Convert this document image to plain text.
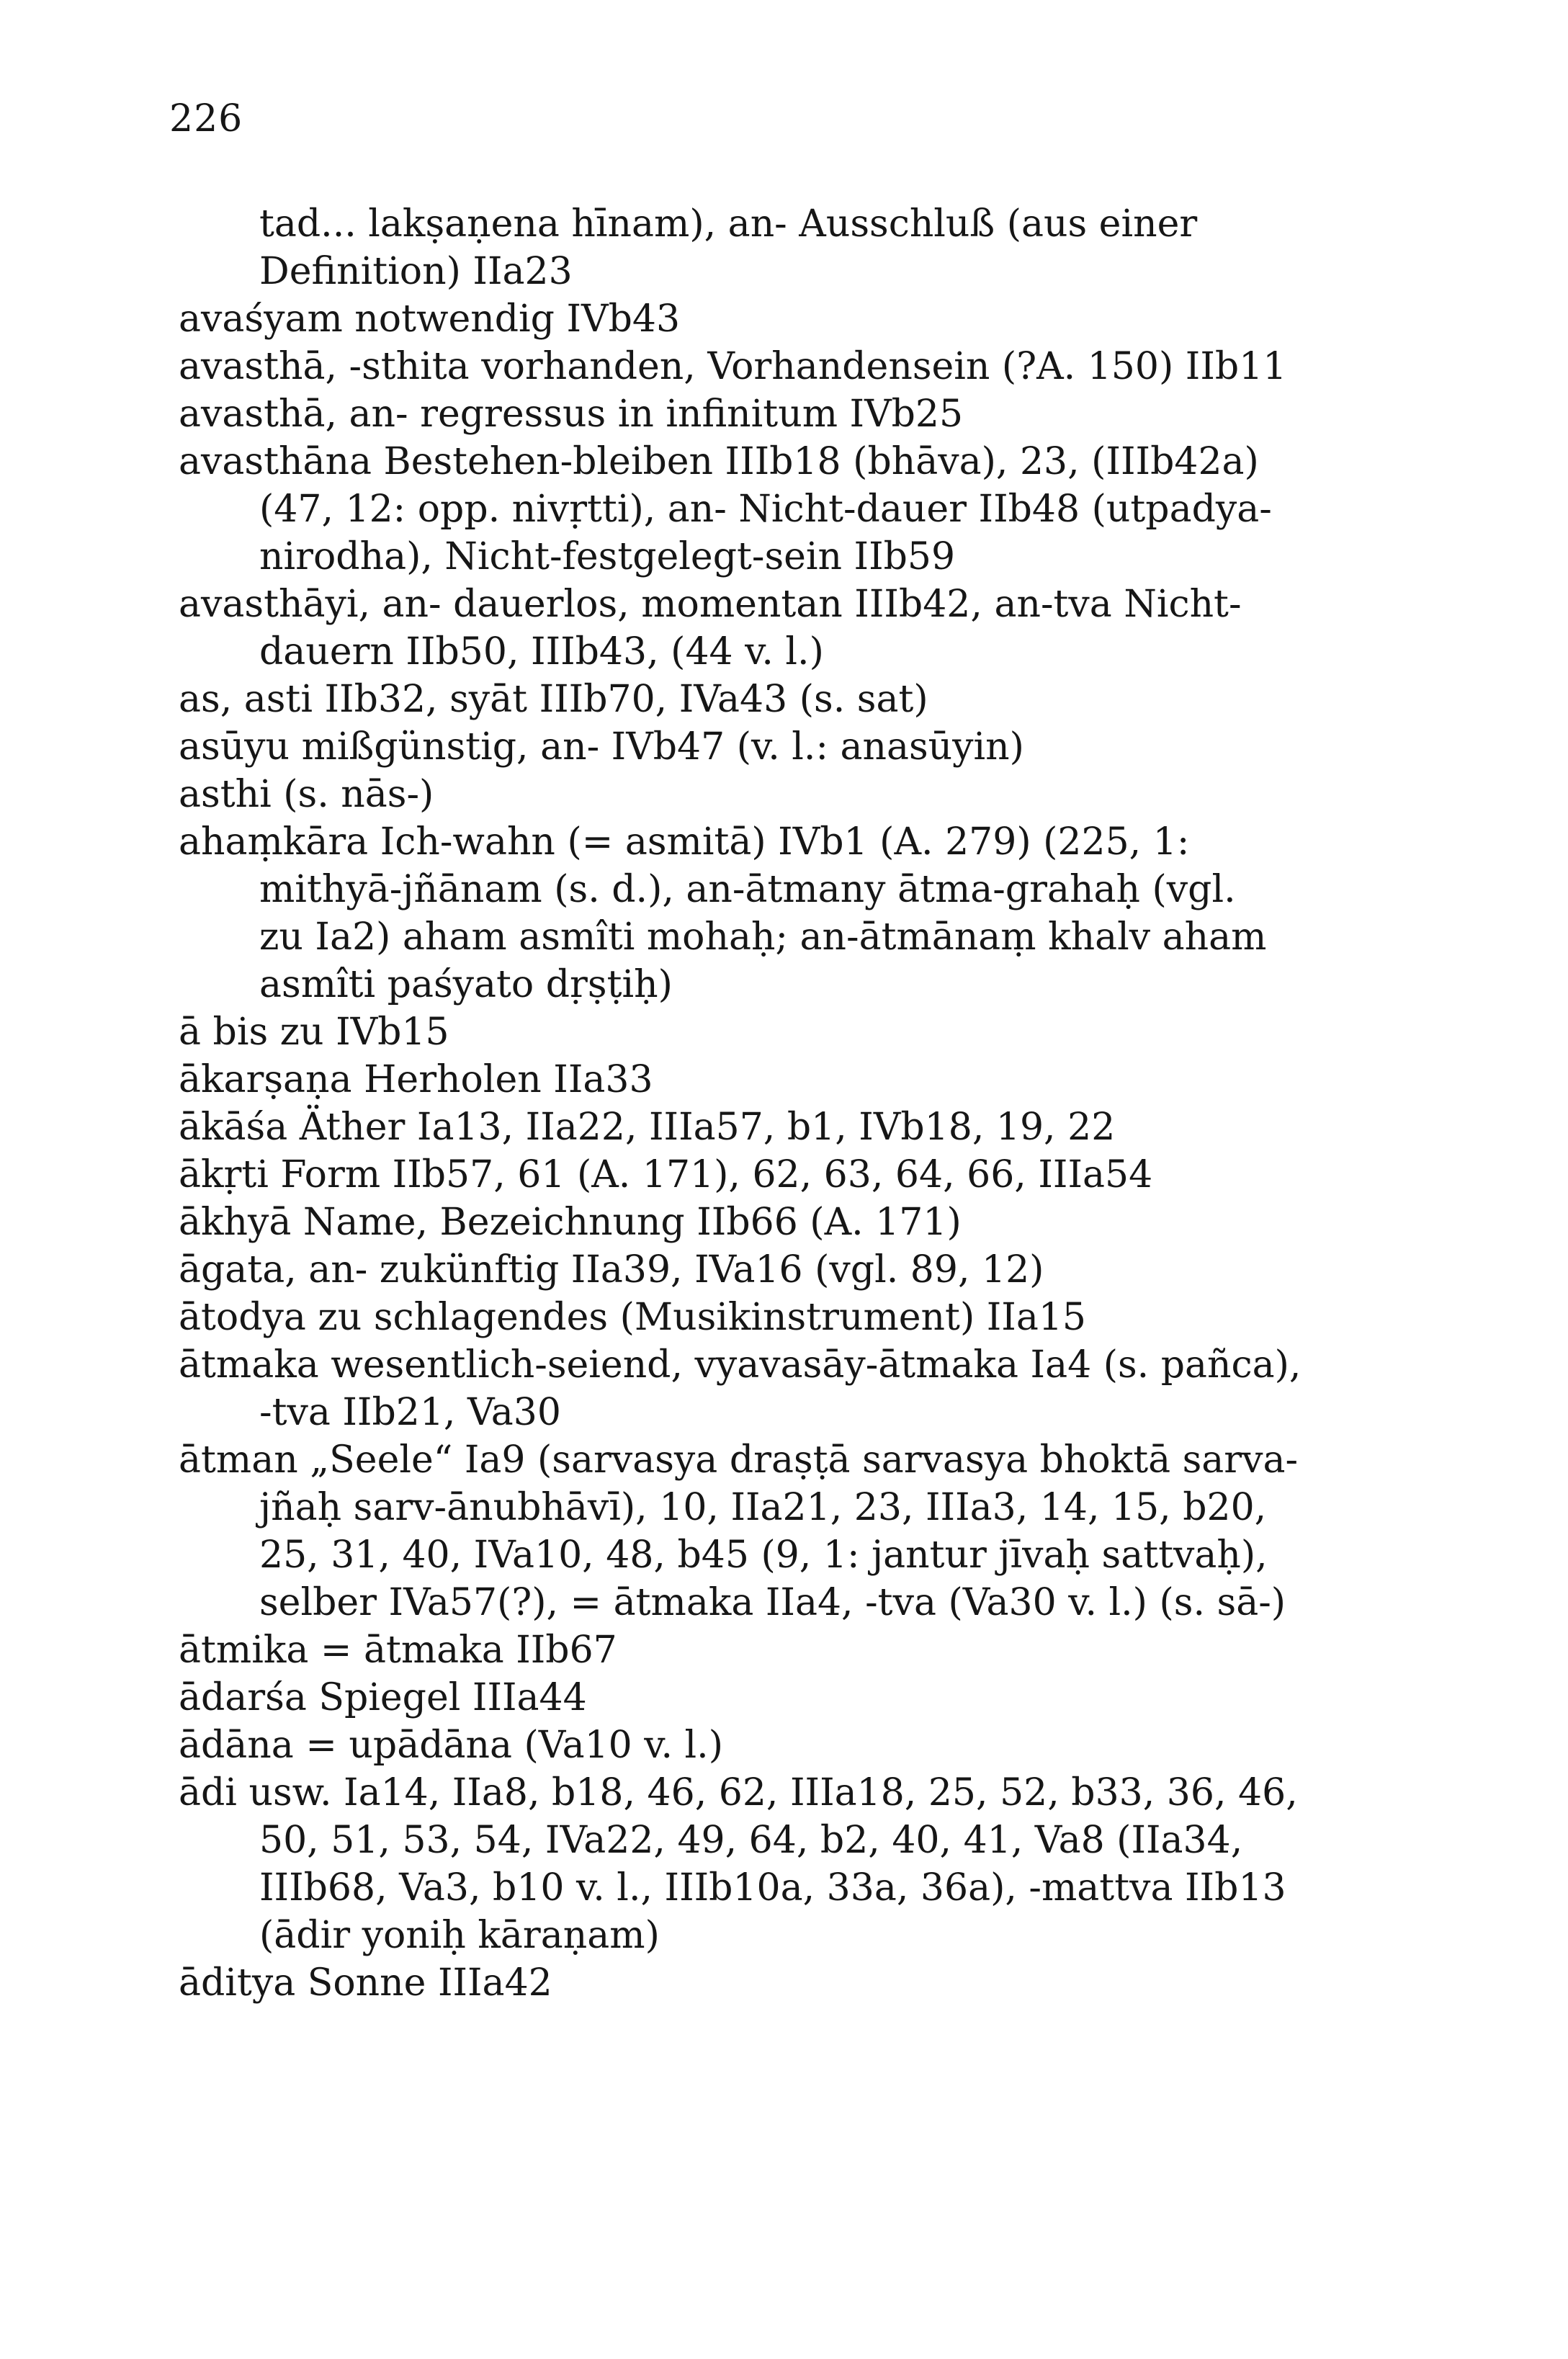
226
tad... lakṣaṇena hīnam), an- Ausschluß (aus einer
Definition) IIa23
avaśyam notwendig IVb43
avasthā, -sthita vorhanden, Vorhandensein (?A. 150) IIb11
avasthā, an- regressus in infinitum IVb25
avasthāna Bestehen-bleiben IIIb18 (bhāva), 23, (IIIb42a)
(47, 12: opp. nivṛtti), an- Nicht-dauer IIb48 (utpadya-
nirodha), Nicht-festgelegt-sein IIb59
avasthāyi, an- dauerlos, momentan IIIb42, an-tva Nicht-
dauern IIb50, IIIb43, (44 v. l.)
as, asti IIb32, syāt IIIb70, IVa43 (s. sat)
asūyu mißgünstig, an- IVb47 (v. l.: anasūyin)
asthi (s. nās-)
ahaṃkāra Ich-wahn (= asmitā) IVb1 (A. 279) (225, 1:
mithyā-jñānam (s. d.), an-ātmany ātma-grahaḥ (vgl.
zu Ia2) aham asmîti mohaḥ; an-ātmānaṃ khalv aham
asmîti paśyato dṛṣṭiḥ)
ā bis zu IVb15
ākarṣaṇa Herholen IIa33
ākāśa Äther Ia13, IIa22, IIIa57, b1, IVb18, 19, 22
ākṛti Form IIb57, 61 (A. 171), 62, 63, 64, 66, IIIa54
ākhyā Name, Bezeichnung IIb66 (A. 171)
āgata, an- zukünftig IIa39, IVa16 (vgl. 89, 12)
ātodya zu schlagendes (Musikinstrument) IIa15
ātmaka wesentlich-seiend, vyavasāy-ātmaka Ia4 (s. pañca),
-tva IIb21, Va30
ātman „Seele“ Ia9 (sarvasya draṣṭā sarvasya bhoktā sarva-
jñaḥ sarv-ānubhāvī), 10, IIa21, 23, IIIa3, 14, 15, b20,
25, 31, 40, IVa10, 48, b45 (9, 1: jantur jīvaḥ sattvaḥ),
selber IVa57(?), = ātmaka IIa4, -tva (Va30 v. l.) (s. sā-)
ātmika = ātmaka IIb67
ādarśa Spiegel IIIa44
ādāna = upādāna (Va10 v. l.)
ādi usw. Ia14, IIa8, b18, 46, 62, IIIa18, 25, 52, b33, 36, 46,
50, 51, 53, 54, IVa22, 49, 64, b2, 40, 41, Va8 (IIa34,
IIIb68, Va3, b10 v. l., IIIb10a, 33a, 36a), -mattva IIb13
(ādir yoniḥ kāraṇam)
āditya Sonne IIIa42
